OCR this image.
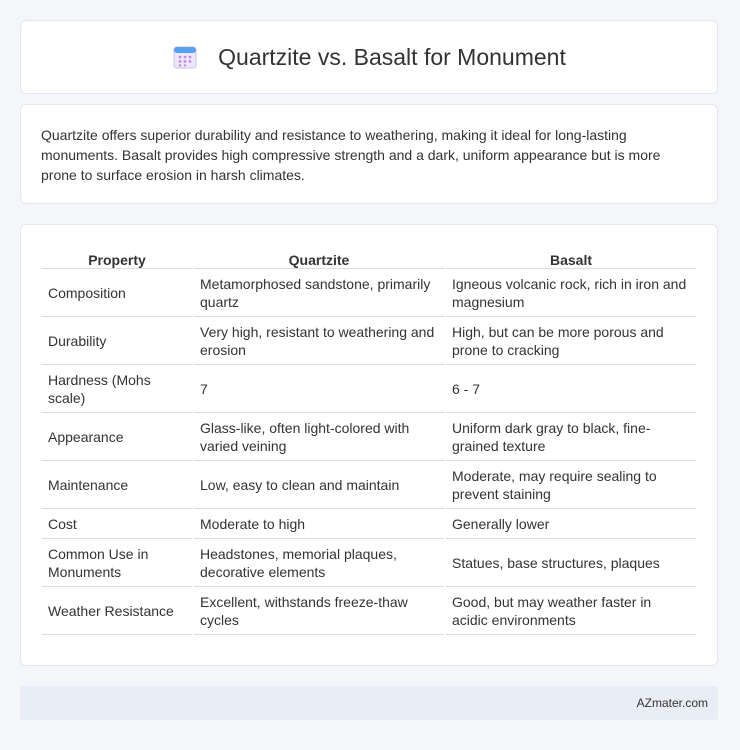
Quartzite vs. Basalt for Monument

Quartzite offers superior durability and resistance to weathering, making it ideal for long-lasting monuments. Basalt provides high compressive strength and a dark, uniform appearance but is more prone to surface erosion in harsh climates.

Property	Quartzite	Basalt
Composition	Metamorphosed sandstone, primarily quartz	Igneous volcanic rock, rich in iron and magnesium
Durability	Very high, resistant to weathering and erosion	High, but can be more porous and prone to cracking
Hardness (Mohs scale)	7	6 - 7
Appearance	Glass-like, often light-colored with varied veining	Uniform dark gray to black, fine-grained texture
Maintenance	Low, easy to clean and maintain	Moderate, may require sealing to prevent staining
Cost	Moderate to high	Generally lower
Common Use in Monuments	Headstones, memorial plaques, decorative elements	Statues, base structures, plaques
Weather Resistance	Excellent, withstands freeze-thaw cycles	Good, but may weather faster in acidic environments
AZmater.com
